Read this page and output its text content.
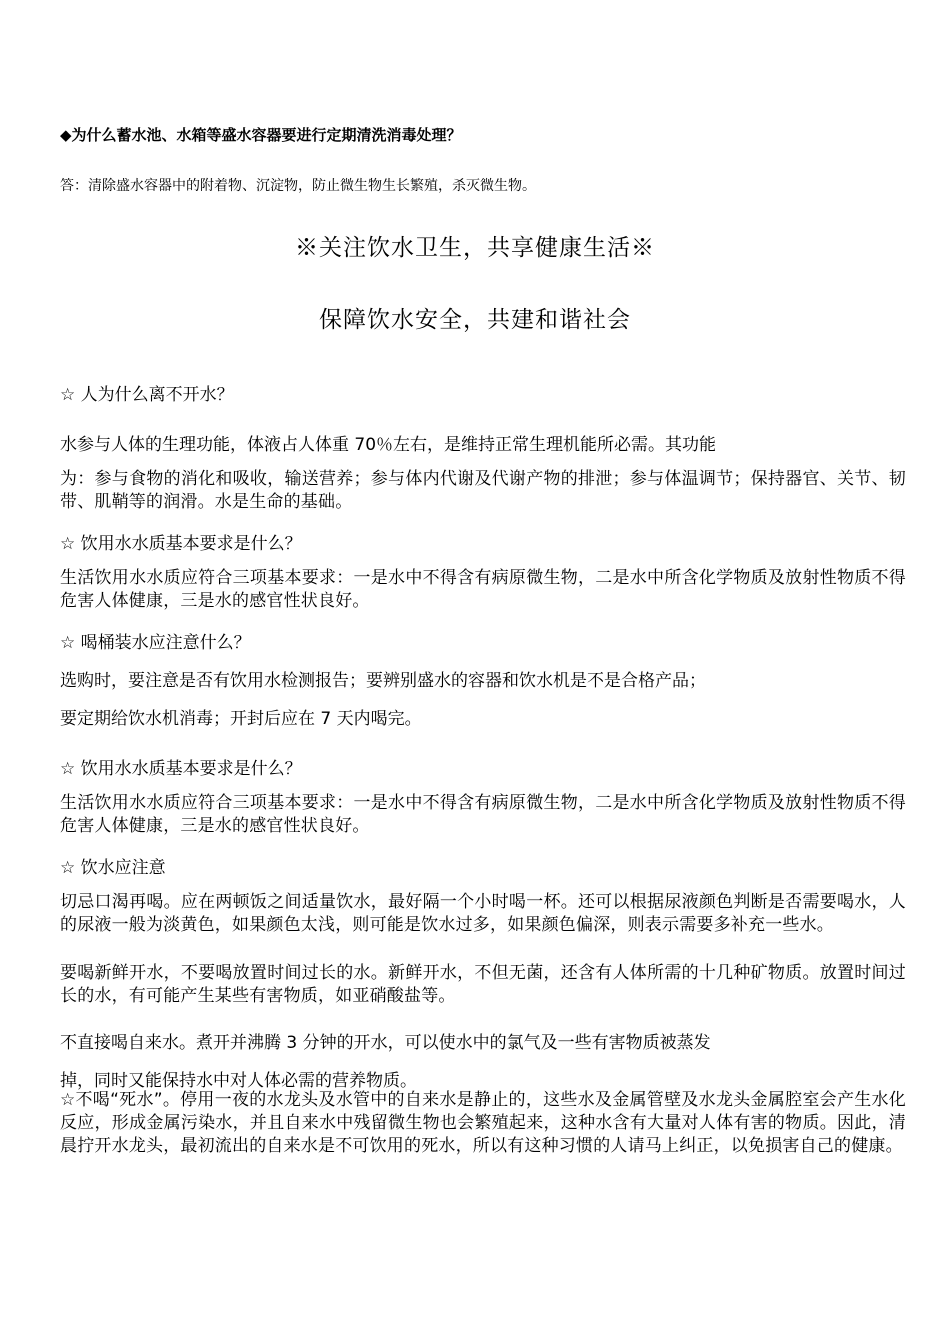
◆为什么蓄水池、水箱等盛水容器要进行定期清洗消毒处理？
答：清除盛水容器中的附着物、沉淀物，防止微生物生长繁殖，杀灭微生物。
※关注饮水卫生，共享健康生活※
保障饮水安全，共建和谐社会
☆ 人为什么离不开水？
水参与人体的生理功能，体液占人体重 70％左右，是维持正常生理机能所必需。其功能
为：参与食物的消化和吸收，输送营养；参与体内代谢及代谢产物的排泄；参与体温调节；保持器官、关节、韧带、肌鞘等的润滑。水是生命的基础。
☆ 饮用水水质基本要求是什么？
生活饮用水水质应符合三项基本要求：一是水中不得含有病原微生物，二是水中所含化学物质及放射性物质不得危害人体健康，三是水的感官性状良好。
☆ 喝桶装水应注意什么？
选购时，要注意是否有饮用水检测报告；要辨别盛水的容器和饮水机是不是合格产品；
要定期给饮水机消毒；开封后应在 7 天内喝完。
☆ 饮用水水质基本要求是什么？
生活饮用水水质应符合三项基本要求：一是水中不得含有病原微生物，二是水中所含化学物质及放射性物质不得危害人体健康，三是水的感官性状良好。
☆ 饮水应注意
切忌口渴再喝。应在两顿饭之间适量饮水，最好隔一个小时喝一杯。还可以根据尿液颜色判断是否需要喝水，人的尿液一般为淡黄色，如果颜色太浅，则可能是饮水过多，如果颜色偏深，则表示需要多补充一些水。
要喝新鲜开水，不要喝放置时间过长的水。新鲜开水，不但无菌，还含有人体所需的十几种矿物质。放置时间过长的水，有可能产生某些有害物质，如亚硝酸盐等。
不直接喝自来水。煮开并沸腾 3 分钟的开水，可以使水中的氯气及一些有害物质被蒸发
掉，同时又能保持水中对人体必需的营养物质。
☆不喝“死水”。停用一夜的水龙头及水管中的自来水是静止的，这些水及金属管壁及水龙头金属腔室会产生水化反应，形成金属污染水，并且自来水中残留微生物也会繁殖起来，这种水含有大量对人体有害的物质。因此，清晨拧开水龙头，最初流出的自来水是不可饮用的死水，所以有这种习惯的人请马上纠正，以免损害自己的健康。
